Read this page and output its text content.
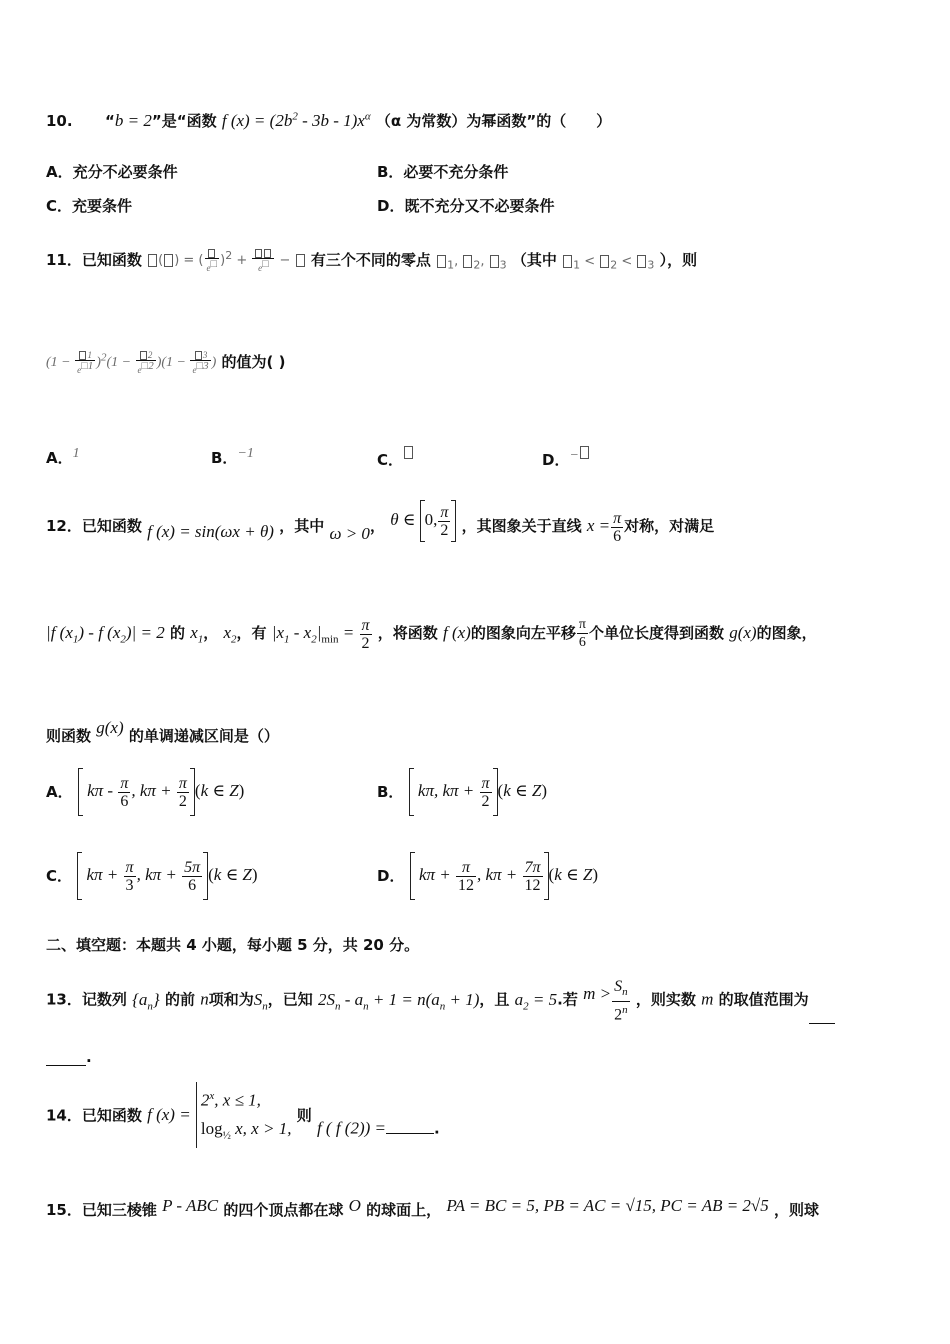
10. “b = 2”是“函数 f $(x) = (2b^2 - 3b - 1)x^\alpha$ （α 为常数）为幂函数”的（ ）
A．充分不必要条件	B．必要不充分条件
C．充要条件	D．既不充分又不必要条件
11．已知函数 ( ) = (
e□ )$^2$ +
e□ −  有三个不同的零点 $_1$, $_2$, $_3$ （其中 $_1$ < $_2$ < $_3$ ），则
$(1 - \frac{1}{e^{□1}} )^2(1 - \frac{2}{e^{□2}} )(1 - \frac{3}{e^{□3}}$ ) 的值为( )
A．1	B．−1	C．	D．−
12．已知函数 f (x) = sin(ωx + θ) ，其中 ω > 0， θ ∈ 0, $\frac{\pi}{2}$ ，其图象关于直线 $x = \frac{\pi}{6}$ 对称，对满足
|f $(x_1)$ - f $(x_2)| = 2$ 的 $x_1$， $x_2$，有 $|x_1 - x_2|_{min} = \frac{\pi}{2}$ ，将函数 f (x)的图象向左平移 $\frac{\pi}{6}$ 个单位长度得到函数 g(x)的图象，
则函数 g(x) 的单调递减区间是（）
A．  kπ - $\frac{\pi}{6}$ , $k\pi + \frac{\pi}{2} (k$ ∈ Z)	B．  kπ, $k\pi + \frac{\pi}{2} (k$ ∈ Z)
C．  $k\pi + \frac{\pi}{3}$ , $k\pi + \frac{5\pi}{6} (k$ ∈ Z)	D．  $k\pi + \frac{\pi}{12}$ , $k\pi + \frac{7\pi}{12} (k$ ∈ Z)
二、填空题：本题共 4 小题，每小题 5 分，共 20 分。
13．记数列 $\{a_n\}$ 的前 n项和为$S_n$，已知 $2S_n - a_n + 1 = n(a_n + 1)$，且 $a_2 = 5$.若 $m > \frac{S_n}{2^n}$ ，则实数 m 的取值范围为
.
14．已知函数 f (x) =
2$^x$, x ≤ 1,
$\log_{\frac{1}{2}} x$, x > 1,
则 f ( f (2)) =	.
15．已知三棱锥 P - ABC 的四个顶点都在球 O 的球面上， PA = BC = 5, PB = AC = √15, PC = AB = 2√5 ，则球
